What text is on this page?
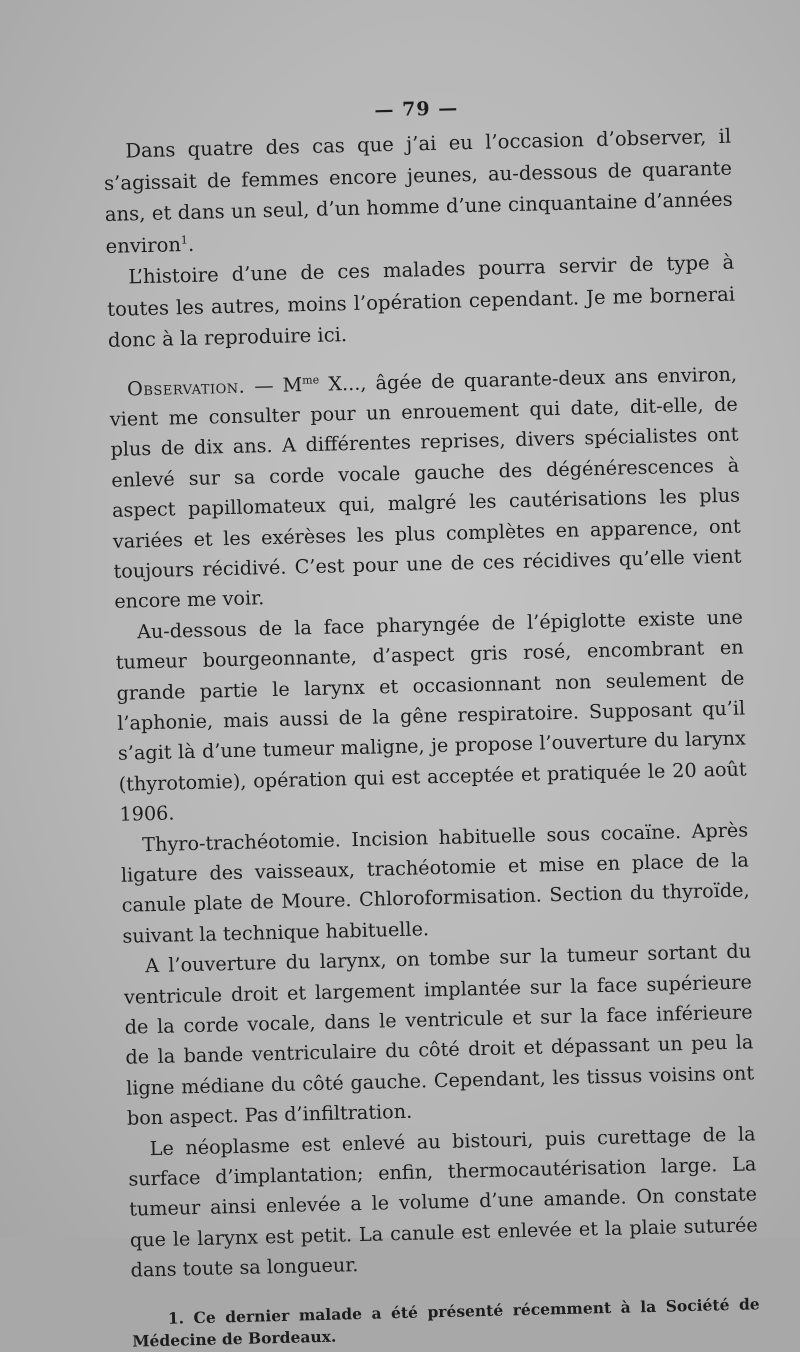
— 79 —

Dans quatre des cas que j’ai eu l’occasion d’observer, il s’agissait de femmes encore jeunes, au-dessous de quarante ans, et dans un seul, d’un homme d’une cinquantaine d’années environ$^1$.

L’histoire d’une de ces malades pourra servir de type à toutes les autres, moins l’opération cependant. Je me bornerai donc à la reproduire ici.

Observation. — $M^{me}$ X..., âgée de quarante-deux ans environ, vient me consulter pour un enrouement qui date, dit-elle, de plus de dix ans. A différentes reprises, divers spécialistes ont enlevé sur sa corde vocale gauche des dégénérescences à aspect papillomateux qui, malgré les cautérisations les plus variées et les exérèses les plus complètes en apparence, ont toujours récidivé. C’est pour une de ces récidives qu’elle vient encore me voir.

Au-dessous de la face pharyngée de l’épiglotte existe une tumeur bourgeonnante, d’aspect gris rosé, encombrant en grande partie le larynx et occasionnant non seulement de l’aphonie, mais aussi de la gêne respiratoire. Supposant qu’il s’agit là d’une tumeur maligne, je propose l’ouverture du larynx (thyrotomie), opération qui est acceptée et pratiquée le 20 août 1906.

Thyro-trachéotomie. Incision habituelle sous cocaïne. Après ligature des vaisseaux, trachéotomie et mise en place de la canule plate de Moure. Chloroformisation. Section du thyroïde, suivant la technique habituelle.

A l’ouverture du larynx, on tombe sur la tumeur sortant du ventricule droit et largement implantée sur la face supérieure de la corde vocale, dans le ventricule et sur la face inférieure de la bande ventriculaire du côté droit et dépassant un peu la ligne médiane du côté gauche. Cependant, les tissus voisins ont bon aspect. Pas d’infiltration.

Le néoplasme est enlevé au bistouri, puis curettage de la surface d’implantation; enfin, thermocautérisation large. La tumeur ainsi enlevée a le volume d’une amande. On constate que le larynx est petit. La canule est enlevée et la plaie suturée dans toute sa longueur.

1. Ce dernier malade a été présenté récemment à la Société de Médecine de Bordeaux.
